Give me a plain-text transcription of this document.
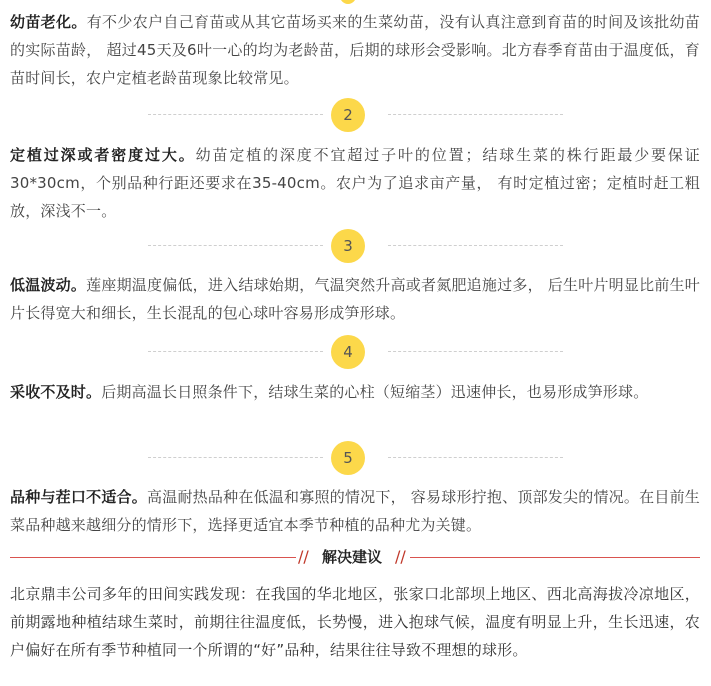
幼苗老化。有不少农户自己育苗或从其它苗场买来的生菜幼苗，没有认真注意到育苗的时间及该批幼苗的实际苗龄， 超过45天及6叶一心的均为老龄苗，后期的球形会受影响。北方春季育苗由于温度低，育苗时间长，农户定植老龄苗现象比较常见。

2

定植过深或者密度过大。幼苗定植的深度不宜超过子叶的位置；结球生菜的株行距最少要保证30*30cm，个别品种行距还要求在35-40cm。农户为了追求亩产量， 有时定植过密；定植时赶工粗放，深浅不一。

3

低温波动。莲座期温度偏低，进入结球始期，气温突然升高或者氮肥追施过多， 后生叶片明显比前生叶片长得宽大和细长，生长混乱的包心球叶容易形成笋形球。

4

采收不及时。后期高温长日照条件下，结球生菜的心柱（短缩茎）迅速伸长，也易形成笋形球。

5

品种与茬口不适合。高温耐热品种在低温和寡照的情况下， 容易球形拧抱、顶部发尖的情况。在目前生菜品种越来越细分的情形下，选择更适宜本季节种植的品种尤为关键。

// 解决建议 //

北京鼎丰公司多年的田间实践发现：在我国的华北地区，张家口北部坝上地区、西北高海拔冷凉地区，前期露地种植结球生菜时，前期往往温度低，长势慢，进入抱球气候，温度有明显上升，生长迅速，农户偏好在所有季节种植同一个所谓的“好”品种，结果往往导致不理想的球形。
